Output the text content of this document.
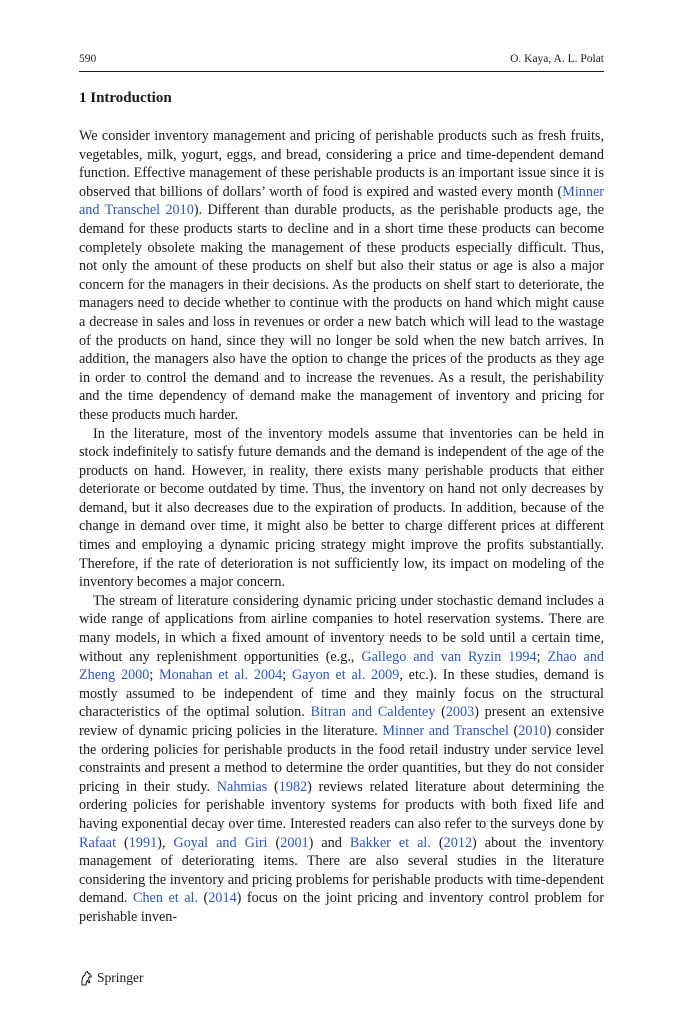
590	O. Kaya, A. L. Polat
1 Introduction

We consider inventory management and pricing of perishable products such as fresh fruits, vegetables, milk, yogurt, eggs, and bread, considering a price and time-dependent demand function. Effective management of these perishable products is an important issue since it is observed that billions of dollars’ worth of food is expired and wasted every month (Minner and Transchel 2010). Different than durable products, as the perishable products age, the demand for these products starts to decline and in a short time these products can become completely obsolete making the management of these products especially difficult. Thus, not only the amount of these products on shelf but also their status or age is also a major concern for the managers in their decisions. As the products on shelf start to deteriorate, the managers need to decide whether to continue with the products on hand which might cause a decrease in sales and loss in revenues or order a new batch which will lead to the wastage of the products on hand, since they will no longer be sold when the new batch arrives. In addition, the managers also have the option to change the prices of the products as they age in order to control the demand and to increase the revenues. As a result, the perishability and the time dependency of demand make the management of inventory and pricing for these products much harder.

In the literature, most of the inventory models assume that inventories can be held in stock indefinitely to satisfy future demands and the demand is independent of the age of the products on hand. However, in reality, there exists many perishable products that either deteriorate or become outdated by time. Thus, the inventory on hand not only decreases by demand, but it also decreases due to the expiration of products. In addition, because of the change in demand over time, it might also be better to charge different prices at different times and employing a dynamic pricing strategy might improve the profits substantially. Therefore, if the rate of deterioration is not sufficiently low, its impact on modeling of the inventory becomes a major concern.

The stream of literature considering dynamic pricing under stochastic demand includes a wide range of applications from airline companies to hotel reservation systems. There are many models, in which a fixed amount of inventory needs to be sold until a certain time, without any replenishment opportunities (e.g., Gallego and van Ryzin 1994; Zhao and Zheng 2000; Monahan et al. 2004; Gayon et al. 2009, etc.). In these studies, demand is mostly assumed to be independent of time and they mainly focus on the structural characteristics of the optimal solution. Bitran and Caldentey (2003) present an extensive review of dynamic pricing policies in the literature. Minner and Transchel (2010) consider the ordering policies for perishable products in the food retail industry under service level constraints and present a method to determine the order quantities, but they do not consider pricing in their study. Nahmias (1982) reviews related literature about determining the ordering policies for perishable inventory systems for products with both fixed life and having exponential decay over time. Interested readers can also refer to the surveys done by Rafaat (1991), Goyal and Giri (2001) and Bakker et al. (2012) about the inventory management of deteriorating items. There are also several studies in the literature considering the inventory and pricing problems for perishable products with time-dependent demand. Chen et al. (2014) focus on the joint pricing and inventory control problem for perishable inven-

Springer
